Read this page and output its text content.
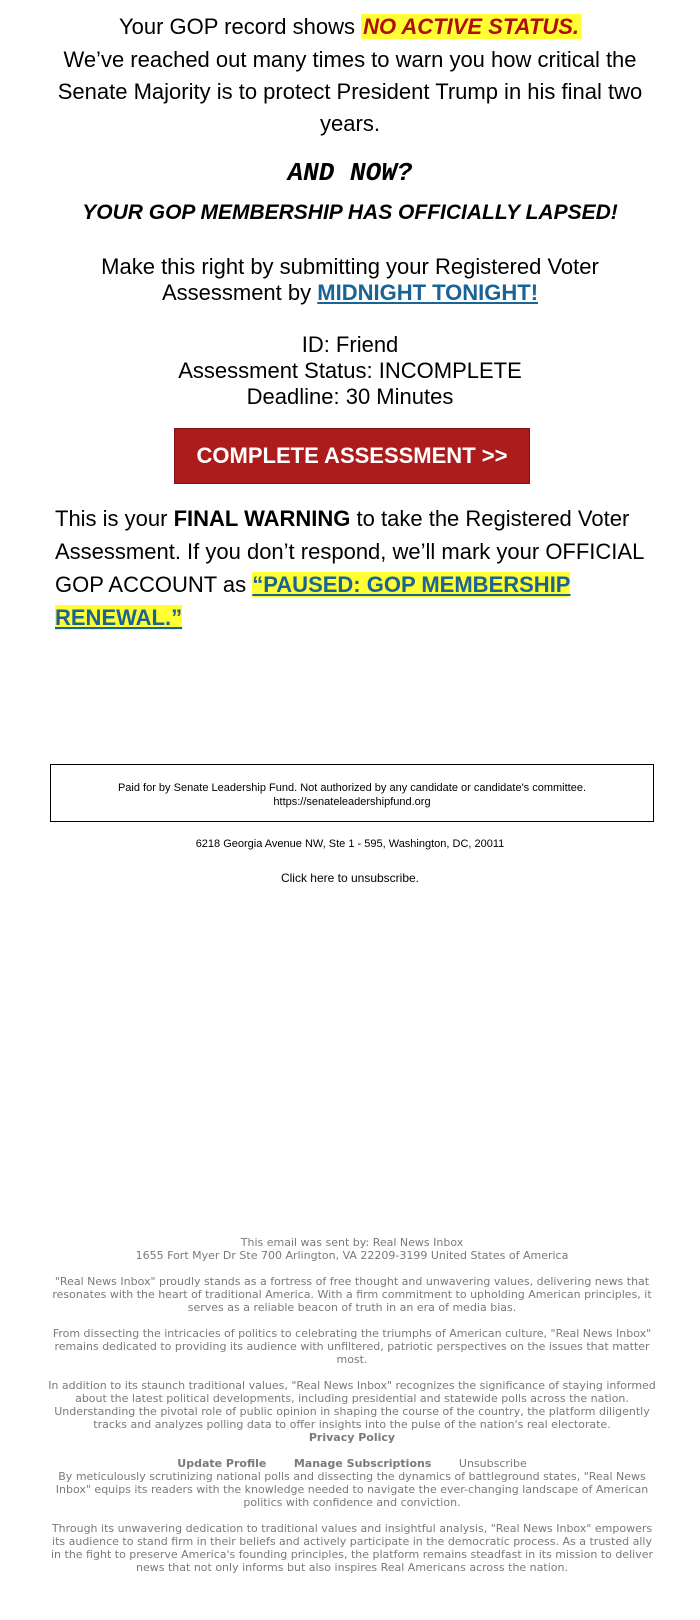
Your GOP record shows NO ACTIVE STATUS.
We’ve reached out many times to warn you how critical the Senate Majority is to protect President Trump in his final two years.
AND NOW?
YOUR GOP MEMBERSHIP HAS OFFICIALLY LAPSED!
Make this right by submitting your Registered Voter Assessment by MIDNIGHT TONIGHT!
ID: Friend
Assessment Status: INCOMPLETE
Deadline: 30 Minutes
COMPLETE ASSESSMENT >>
This is your FINAL WARNING to take the Registered Voter Assessment. If you don’t respond, we’ll mark your OFFICIAL GOP ACCOUNT as “PAUSED: GOP MEMBERSHIP RENEWAL.”
Paid for by Senate Leadership Fund. Not authorized by any candidate or candidate's committee.
https://senateleadershipfund.org
6218 Georgia Avenue NW, Ste 1 - 595, Washington, DC, 20011
Click here to unsubscribe.
This email was sent by: Real News Inbox
1655 Fort Myer Dr Ste 700 Arlington, VA 22209-3199 United States of America

"Real News Inbox" proudly stands as a fortress of free thought and unwavering values, delivering news that resonates with the heart of traditional America. With a firm commitment to upholding American principles, it serves as a reliable beacon of truth in an era of media bias.

From dissecting the intricacies of politics to celebrating the triumphs of American culture, "Real News Inbox" remains dedicated to providing its audience with unfiltered, patriotic perspectives on the issues that matter most.

In addition to its staunch traditional values, "Real News Inbox" recognizes the significance of staying informed about the latest political developments, including presidential and statewide polls across the nation. Understanding the pivotal role of public opinion in shaping the course of the country, the platform diligently tracks and analyzes polling data to offer insights into the pulse of the nation's real electorate.
Privacy Policy
Update Profile	Manage Subscriptions	Unsubscribe

By meticulously scrutinizing national polls and dissecting the dynamics of battleground states, "Real News Inbox" equips its readers with the knowledge needed to navigate the ever-changing landscape of American politics with confidence and conviction.

Through its unwavering dedication to traditional values and insightful analysis, "Real News Inbox" empowers its audience to stand firm in their beliefs and actively participate in the democratic process. As a trusted ally in the fight to preserve America's founding principles, the platform remains steadfast in its mission to deliver news that not only informs but also inspires Real Americans across the nation.
